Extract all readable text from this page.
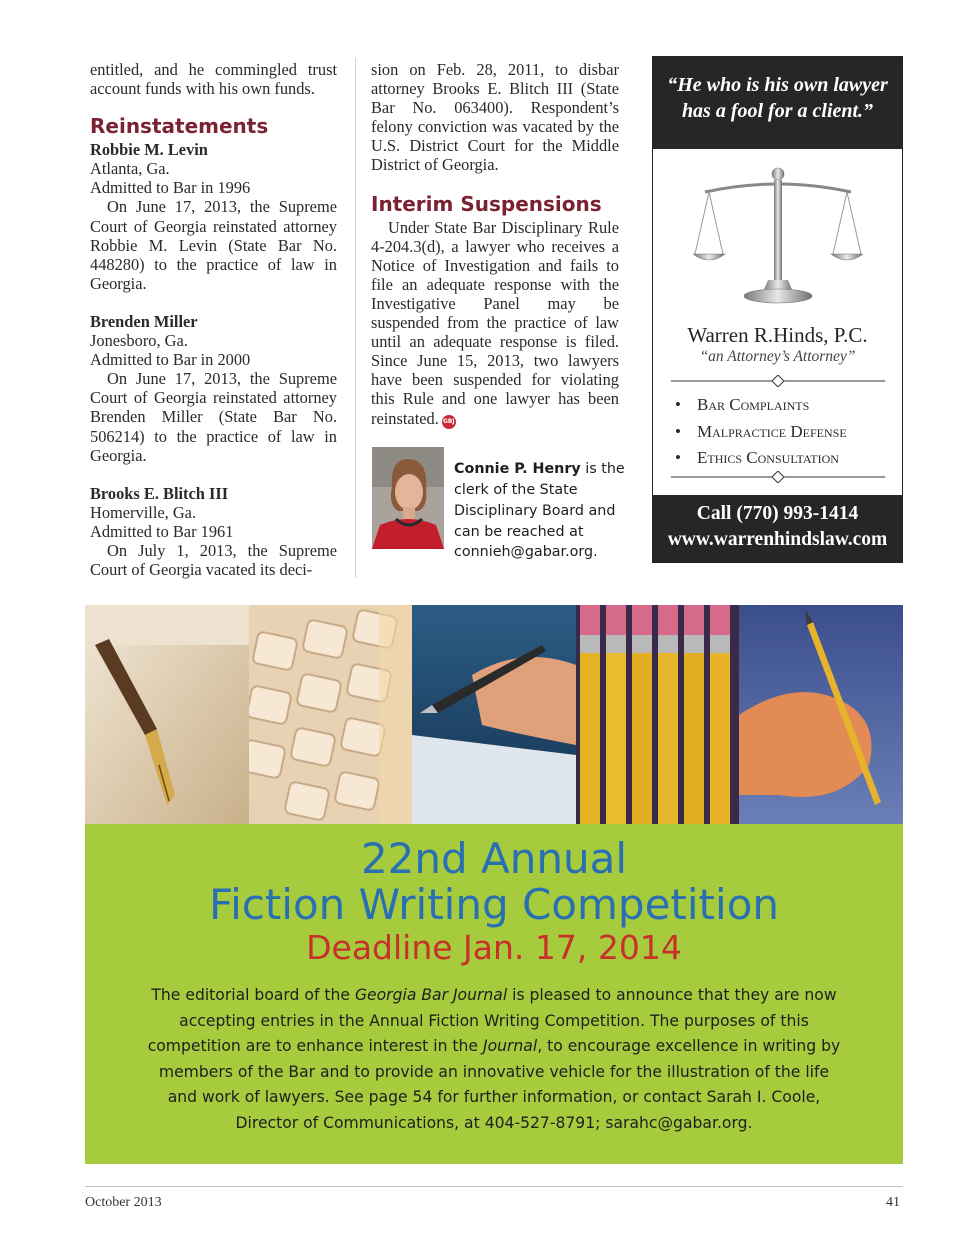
entitled, and he commingled trust account funds with his own funds.

Reinstatements

Robbie M. Levin

Atlanta, Ga.

Admitted to Bar in 1996

On June 17, 2013, the Supreme Court of Georgia reinstated attorney Robbie M. Levin (State Bar No. 448280) to the practice of law in Georgia.

Brenden Miller

Jonesboro, Ga.

Admitted to Bar in 2000

On June 17, 2013, the Supreme Court of Georgia reinstated attorney Brenden Miller (State Bar No. 506214) to the practice of law in Georgia.

Brooks E. Blitch III

Homerville, Ga.

Admitted to Bar 1961

On July 1, 2013, the Supreme Court of Georgia vacated its deci-

sion on Feb. 28, 2011, to disbar attorney Brooks E. Blitch III (State Bar No. 063400). Respondent’s felony conviction was vacated by the U.S. District Court for the Middle District of Georgia.

Interim Suspensions

Under State Bar Disciplinary Rule 4-204.3(d), a lawyer who receives a Notice of Investigation and fails to file an adequate response with the Investigative Panel may be suspended from the practice of law until an adequate response is filed. Since June 15, 2013, two lawyers have been suspended for violating this Rule and one lawyer has been reinstated. GBJ

Connie P. Henry is the clerk of the State Disciplinary Board and can be reached at connieh@gabar.org.

“He who is his own lawyer has a fool for a client.”

Warren R.Hinds, P.C.

“an Attorney’s Attorney”

• Bar Complaints
• Malpractice Defense
• Ethics Consultation

Call (770) 993-1414

www.warrenhindslaw.com

22nd Annual

Fiction Writing Competition

Deadline Jan. 17, 2014

The editorial board of the Georgia Bar Journal is pleased to announce that they are now accepting entries in the Annual Fiction Writing Competition. The purposes of this competition are to enhance interest in the Journal, to encourage excellence in writing by members of the Bar and to provide an innovative vehicle for the illustration of the life and work of lawyers. See page 54 for further information, or contact Sarah I. Coole, Director of Communications, at 404-527-8791; sarahc@gabar.org.

October 2013	41
